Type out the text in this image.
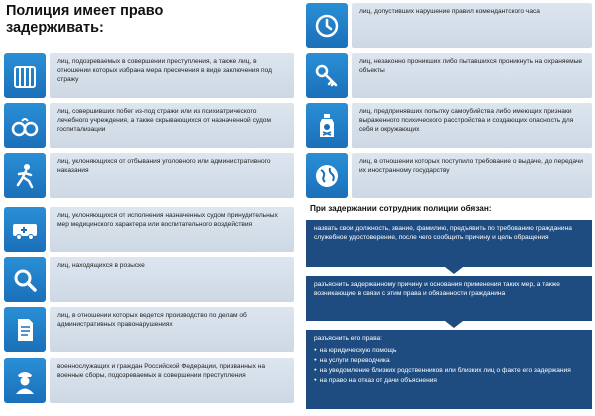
Полиция имеет право
задерживать:
лиц, подозреваемых в совершении преступления, а также лиц, в отношении которых избрана мера пресечения в виде заключения под стражу
лиц, совершивших побег из-под стражи или из психиатрического лечебного учреждения, а также скрывающихся от назначенной судом госпитализации
лиц, уклоняющихся от отбывания уголовного или административного наказания
лиц, уклоняющихся от исполнения назначенных судом принудительных мер медицинского характера или воспитательного воздействия
лиц, находящихся в розыске
лиц, в отношении которых ведется производство по делам об административных правонарушениях
военнослужащих и граждан Российской Федерации, призванных на военные сборы, подозреваемых в совершении преступления
лиц, допустивших нарушение правил комендантского часа
лиц, незаконно проникших либо пытавшихся проникнуть на охраняемые объекты
лиц, предпринявших попытку самоубийства либо имеющих признаки выраженного психического расстройства и создающих опасность для себя и окружающих
лиц, в отношении которых поступило требование о выдаче, до передачи их иностранному государству
При задержании сотрудник полиции обязан:
назвать свои должность, звание, фамилию, предъявить по требованию гражданина служебное удостоверение, после чего сообщить причину и цель обращения
разъяснить задержанному причину и основания применения таких мер, а также возникающие в связи с этим права и обязанности гражданина
разъяснить его права:
● на юридическую помощь
● на услуги переводчика
● на уведомление близких родственников или близких лиц о факте его задержания
● на право на отказ от дачи объяснения
